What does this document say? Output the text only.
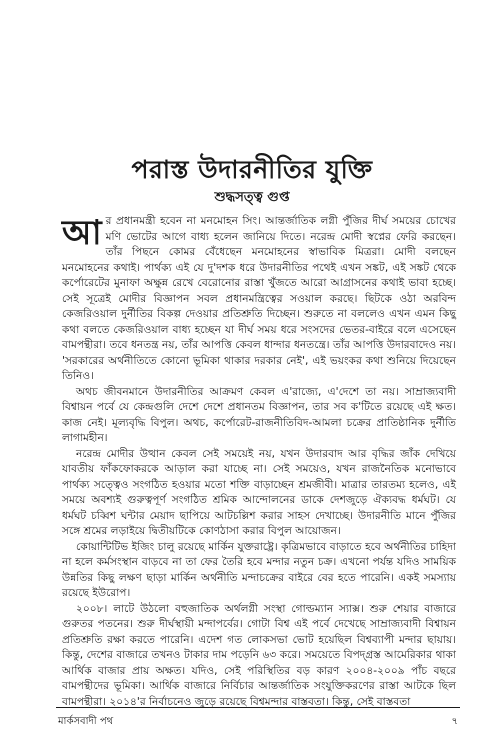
পরাস্ত উদারনীতির যুক্তি
শুদ্ধসত্ত্ব গুপ্ত

আর প্রধানমন্ত্রী হবেন না মনমোহন সিং। আন্তর্জাতিক লগ্নী পুঁজির দীর্ঘ সময়ের চোখের মণি ভোটের আগে বাধ্য হলেন জানিয়ে দিতে। নরেন্দ্র মোদী স্বপ্নের ফেরি করছেন। তাঁর পিছনে কোমর বেঁধেছেন মনমোহনের স্বাভাবিক মিত্ররা। মোদী বলছেন মনমোহনের কথাই। পার্থক্য এই যে দু'দশক ধরে উদারনীতির পথেই এখন সঙ্কট, এই সঙ্কট থেকে কর্পোরেটের মুনাফা অক্ষুন্ন রেখে বেরোনোর রাস্তা খুঁজতে আরো আগ্রাসনের কথাই ভাবা হচ্ছে। সেই সূত্রেই মোদীর বিজ্ঞাপন সবল প্রধানমন্ত্রিত্বের সওয়াল করছে। ছিটকে ওঠা অরবিন্দ কেজরিওয়াল দুর্নীতির বিকল্প দেওয়ার প্রতিশ্রুতি দিচ্ছেন। শুরুতে না বললেও এখন এমন কিছু কথা বলতে কেজরিওয়াল বাধ্য হচ্ছেন যা দীর্ঘ সময় ধরে সংসদের ভেতর-বাইরে বলে এসেছেন বামপন্থীরা। তবে ধনতন্ত্র নয়, তাঁর আপত্তি কেবল ধান্দার ধনতন্ত্রে। তাঁর আপত্তি উদারবাদেও নয়। 'সরকারের অর্থনীতিতে কোনো ভূমিকা থাকার দরকার নেই', এই ভয়ংকর কথা শুনিয়ে দিয়েছেন তিনিও।

অথচ জীবনমানে উদারনীতির আক্রমণ কেবল এ'রাজ্যে, এ'দেশে তা নয়। সাম্রাজ্যবাদী বিশ্বায়ন পর্বে যে কেন্দ্রগুলি দেশে দেশে প্রধানতম বিজ্ঞাপন, তার সব ক'টিতে রয়েছে এই ক্ষত। কাজ নেই। মূল্যবৃদ্ধি বিপুল। অথচ, কর্পোরেট-রাজনীতিবিদ-আমলা চক্রের প্রাতিষ্ঠানিক দুর্নীতি লাগামহীন।

নরেন্দ্র মোদীর উত্থান কেবল সেই সময়েই নয়, যখন উদারবাদ আর বৃদ্ধির জাঁক দেখিয়ে যাবতীয় ফাঁকফোকরকে আড়াল করা যাচ্ছে না। সেই সময়েও, যখন রাজনৈতিক মনোভাবে পার্থক্য সত্ত্বেও সংগঠিত হওয়ার মতো শক্তি বাড়াচ্ছেন শ্রমজীবী। মাত্রার তারতম্য হলেও, এই সময়ে অবশ্যই গুরুত্বপূর্ণ সংগঠিত শ্রমিক আন্দোলনের ডাকে দেশজুড়ে ঐক্যবদ্ধ ধর্মঘট। যে ধর্মঘট চব্বিশ ঘন্টার মেয়াদ ছাপিয়ে আটচল্লিশ করার সাহস দেখাচ্ছে। উদারনীতি মানে পুঁজির সঙ্গে শ্রমের লড়াইয়ে দ্বিতীয়টিকে কোণঠাসা করার বিপুল আয়োজন।

কোয়ান্টিটিভ ইজিং চালু রয়েছে মার্কিন যুক্তরাষ্ট্রে। কৃত্রিমভাবে বাড়াতে হবে অর্থনীতির চাহিদা না হলে কর্মসংস্থান বাড়বে না তা ফের তৈরি হবে মন্দার নতুন চক্র। এখনো পর্যন্ত যদিও সাময়িক উন্নতির কিছু লক্ষণ ছাড়া মার্কিন অর্থনীতি মন্দাচক্রের বাইরে বের হতে পারেনি। একই সমস্যায় রয়েছে ইউরোপ।

২০০৮। লাটে উঠলো বহুজাতিক অর্থলগ্নী সংস্থা গোল্ডম্যান স্যাক্স। শুরু শেয়ার বাজারে গুরুতর পতনের। শুরু দীর্ঘস্থায়ী মন্দাপর্বের। গোটা বিশ্ব এই পর্বে দেখেছে সাম্রাজ্যবাদী বিশ্বায়ন প্রতিশ্রুতি রক্ষা করতে পারেনি। এদেশ গত লোকসভা ভোট হয়েছিল বিশ্বব্যাপী মন্দার ছায়ায়। কিন্তু, দেশের বাজারে তখনও টাকার দাম পড়েনি ৬৩ করে। সময়েতে বিপদ্গ্রস্ত আমেরিকার থাকা আর্থিক বাজার প্রায় অক্ষত। যদিও, সেই পরিস্থিতির বড় কারণ ২০০৪-২০০৯ পাঁচ বছরে বামপন্থীদের ভূমিকা। আর্থিক বাজারে নির্বিচার আন্তর্জাতিক সংযুক্তিকরণের রাস্তা আটকে ছিল বামপন্থীরা। ২০১৪'র নির্বাচনেও জুড়ে রয়েছে বিশ্বমন্দার বাস্তবতা। কিন্তু, সেই বাস্তবতা

মার্কসবাদী পথ	৭
